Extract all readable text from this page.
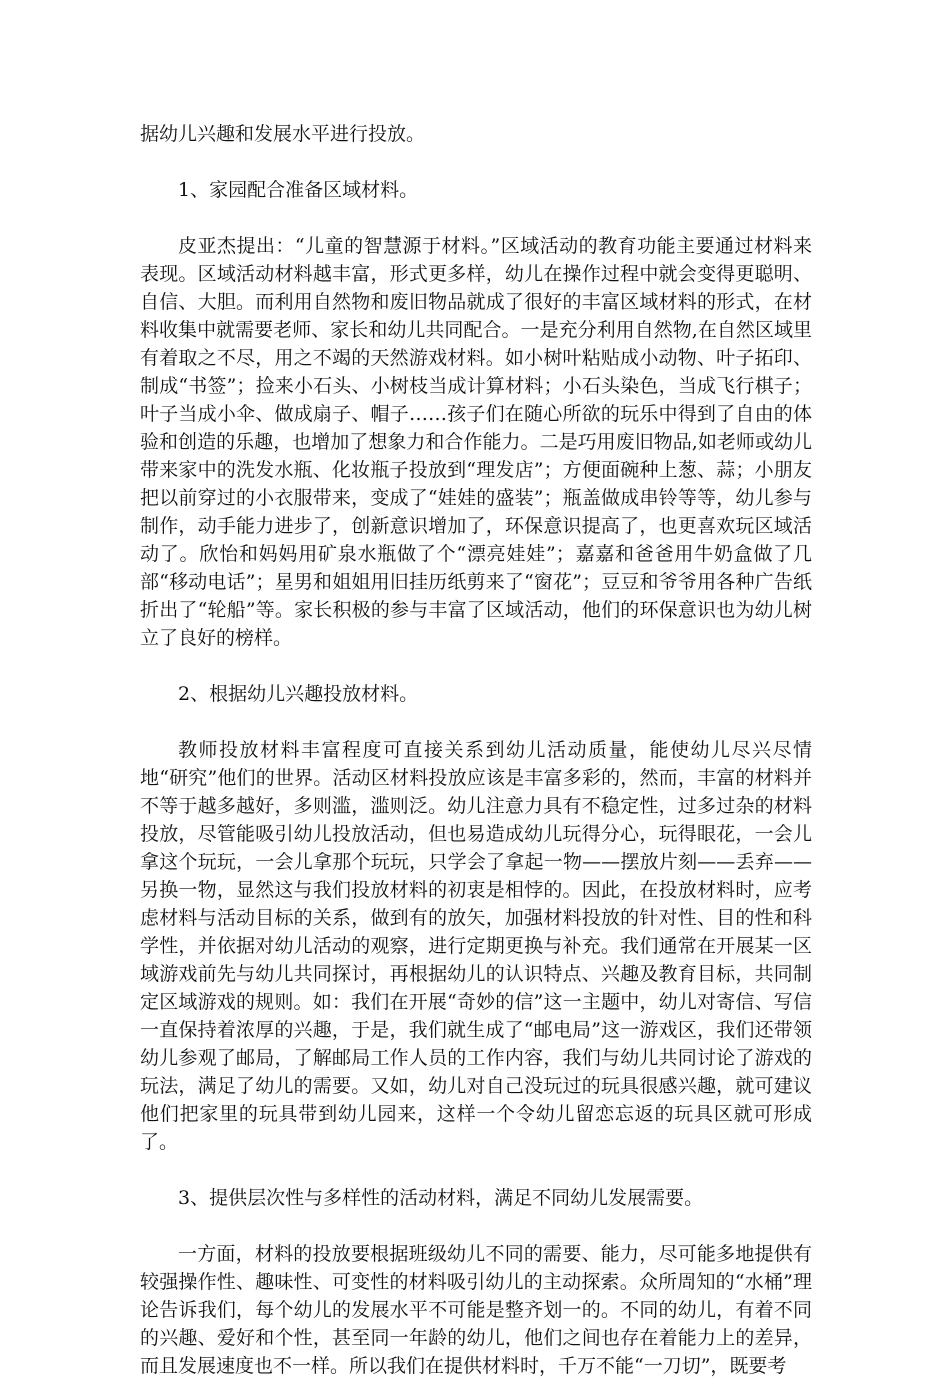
据幼儿兴趣和发展水平进行投放。

1、家园配合准备区域材料。

皮亚杰提出：“儿童的智慧源于材料。”区域活动的教育功能主要通过材料来表现。区域活动材料越丰富，形式更多样，幼儿在操作过程中就会变得更聪明、自信、大胆。而利用自然物和废旧物品就成了很好的丰富区域材料的形式，在材料收集中就需要老师、家长和幼儿共同配合。一是充分利用自然物,在自然区域里有着取之不尽，用之不竭的天然游戏材料。如小树叶粘贴成小动物、叶子拓印、制成“书签”；捡来小石头、小树枝当成计算材料；小石头染色，当成飞行棋子；叶子当成小伞、做成扇子、帽子……孩子们在随心所欲的玩乐中得到了自由的体验和创造的乐趣，也增加了想象力和合作能力。二是巧用废旧物品,如老师或幼儿带来家中的洗发水瓶、化妆瓶子投放到“理发店”；方便面碗种上葱、蒜；小朋友把以前穿过的小衣服带来，变成了“娃娃的盛装”；瓶盖做成串铃等等，幼儿参与制作，动手能力进步了，创新意识增加了，环保意识提高了，也更喜欢玩区域活动了。欣怡和妈妈用矿泉水瓶做了个“漂亮娃娃”；嘉嘉和爸爸用牛奶盒做了几部“移动电话”；星男和姐姐用旧挂历纸剪来了“窗花”；豆豆和爷爷用各种广告纸折出了“轮船”等。家长积极的参与丰富了区域活动，他们的环保意识也为幼儿树立了良好的榜样。

2、根据幼儿兴趣投放材料。

教师投放材料丰富程度可直接关系到幼儿活动质量，能使幼儿尽兴尽情地“研究”他们的世界。活动区材料投放应该是丰富多彩的，然而，丰富的材料并不等于越多越好，多则滥，滥则泛。幼儿注意力具有不稳定性，过多过杂的材料投放，尽管能吸引幼儿投放活动，但也易造成幼儿玩得分心，玩得眼花，一会儿拿这个玩玩，一会儿拿那个玩玩，只学会了拿起一物——摆放片刻——丢弃——另换一物，显然这与我们投放材料的初衷是相悖的。因此，在投放材料时，应考虑材料与活动目标的关系，做到有的放矢，加强材料投放的针对性、目的性和科学性，并依据对幼儿活动的观察，进行定期更换与补充。我们通常在开展某一区域游戏前先与幼儿共同探讨，再根据幼儿的认识特点、兴趣及教育目标，共同制定区域游戏的规则。如：我们在开展“奇妙的信”这一主题中，幼儿对寄信、写信一直保持着浓厚的兴趣，于是，我们就生成了“邮电局”这一游戏区，我们还带领幼儿参观了邮局，了解邮局工作人员的工作内容，我们与幼儿共同讨论了游戏的玩法，满足了幼儿的需要。又如，幼儿对自己没玩过的玩具很感兴趣，就可建议他们把家里的玩具带到幼儿园来，这样一个令幼儿留恋忘返的玩具区就可形成了。

3、提供层次性与多样性的活动材料，满足不同幼儿发展需要。

一方面，材料的投放要根据班级幼儿不同的需要、能力，尽可能多地提供有较强操作性、趣味性、可变性的材料吸引幼儿的主动探索。众所周知的“水桶”理论告诉我们，每个幼儿的发展水平不可能是整齐划一的。不同的幼儿，有着不同的兴趣、爱好和个性，甚至同一年龄的幼儿，他们之间也存在着能力上的差异，而且发展速度也不一样。所以我们在提供材料时，千万不能“一刀切”，既要考
